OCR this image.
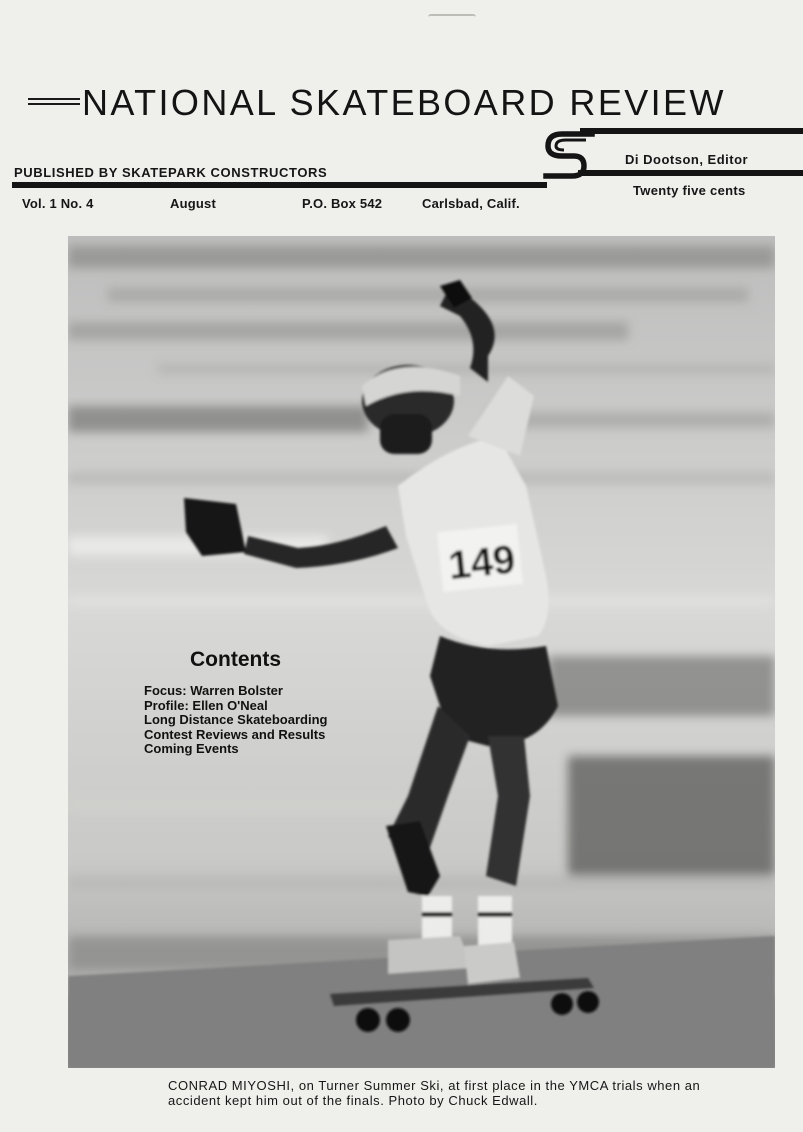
NATIONAL SKATEBOARD REVIEW
PUBLISHED BY SKATEPARK CONSTRUCTORS
Di Dootson, Editor
Twenty five cents
Vol. 1 No. 4	August	P.O. Box 542	Carlsbad, Calif.
149
Contents
Focus: Warren Bolster
Profile: Ellen O'Neal
Long Distance Skateboarding
Contest Reviews and Results
Coming Events
CONRAD MIYOSHI, on Turner Summer Ski, at first place in the YMCA trials when an accident kept him out of the finals. Photo by Chuck Edwall.
